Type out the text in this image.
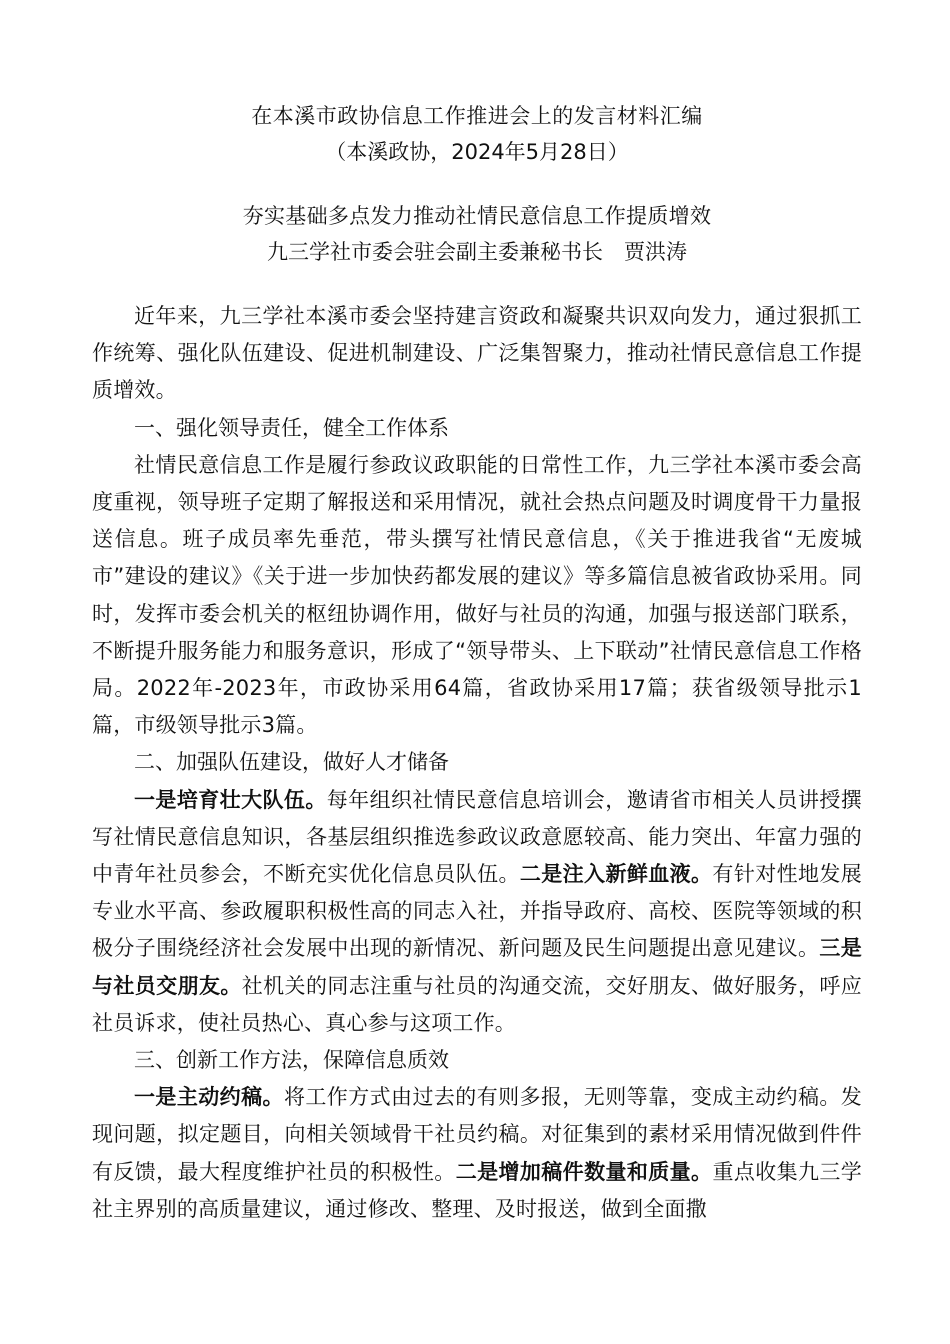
在本溪市政协信息工作推进会上的发言材料汇编
（本溪政协，2024年5月28日）
夯实基础多点发力推动社情民意信息工作提质增效
九三学社市委会驻会副主委兼秘书长　贾洪涛

近年来，九三学社本溪市委会坚持建言资政和凝聚共识双向发力，通过狠抓工作统筹、强化队伍建设、促进机制建设、广泛集智聚力，推动社情民意信息工作提质增效。

一、强化领导责任，健全工作体系

社情民意信息工作是履行参政议政职能的日常性工作，九三学社本溪市委会高度重视，领导班子定期了解报送和采用情况，就社会热点问题及时调度骨干力量报送信息。班子成员率先垂范，带头撰写社情民意信息，《关于推进我省“无废城市”建设的建议》《关于进一步加快药都发展的建议》等多篇信息被省政协采用。同时，发挥市委会机关的枢纽协调作用，做好与社员的沟通，加强与报送部门联系，不断提升服务能力和服务意识，形成了“领导带头、上下联动”社情民意信息工作格局。2022年-2023年，市政协采用64篇，省政协采用17篇；获省级领导批示1篇，市级领导批示3篇。

二、加强队伍建设，做好人才储备

一是培育壮大队伍。每年组织社情民意信息培训会，邀请省市相关人员讲授撰写社情民意信息知识，各基层组织推选参政议政意愿较高、能力突出、年富力强的中青年社员参会，不断充实优化信息员队伍。二是注入新鲜血液。有针对性地发展专业水平高、参政履职积极性高的同志入社，并指导政府、高校、医院等领域的积极分子围绕经济社会发展中出现的新情况、新问题及民生问题提出意见建议。三是与社员交朋友。社机关的同志注重与社员的沟通交流，交好朋友、做好服务，呼应社员诉求，使社员热心、真心参与这项工作。

三、创新工作方法，保障信息质效

一是主动约稿。将工作方式由过去的有则多报，无则等靠，变成主动约稿。发现问题，拟定题目，向相关领域骨干社员约稿。对征集到的素材采用情况做到件件有反馈，最大程度维护社员的积极性。二是增加稿件数量和质量。重点收集九三学社主界别的高质量建议，通过修改、整理、及时报送，做到全面撒
